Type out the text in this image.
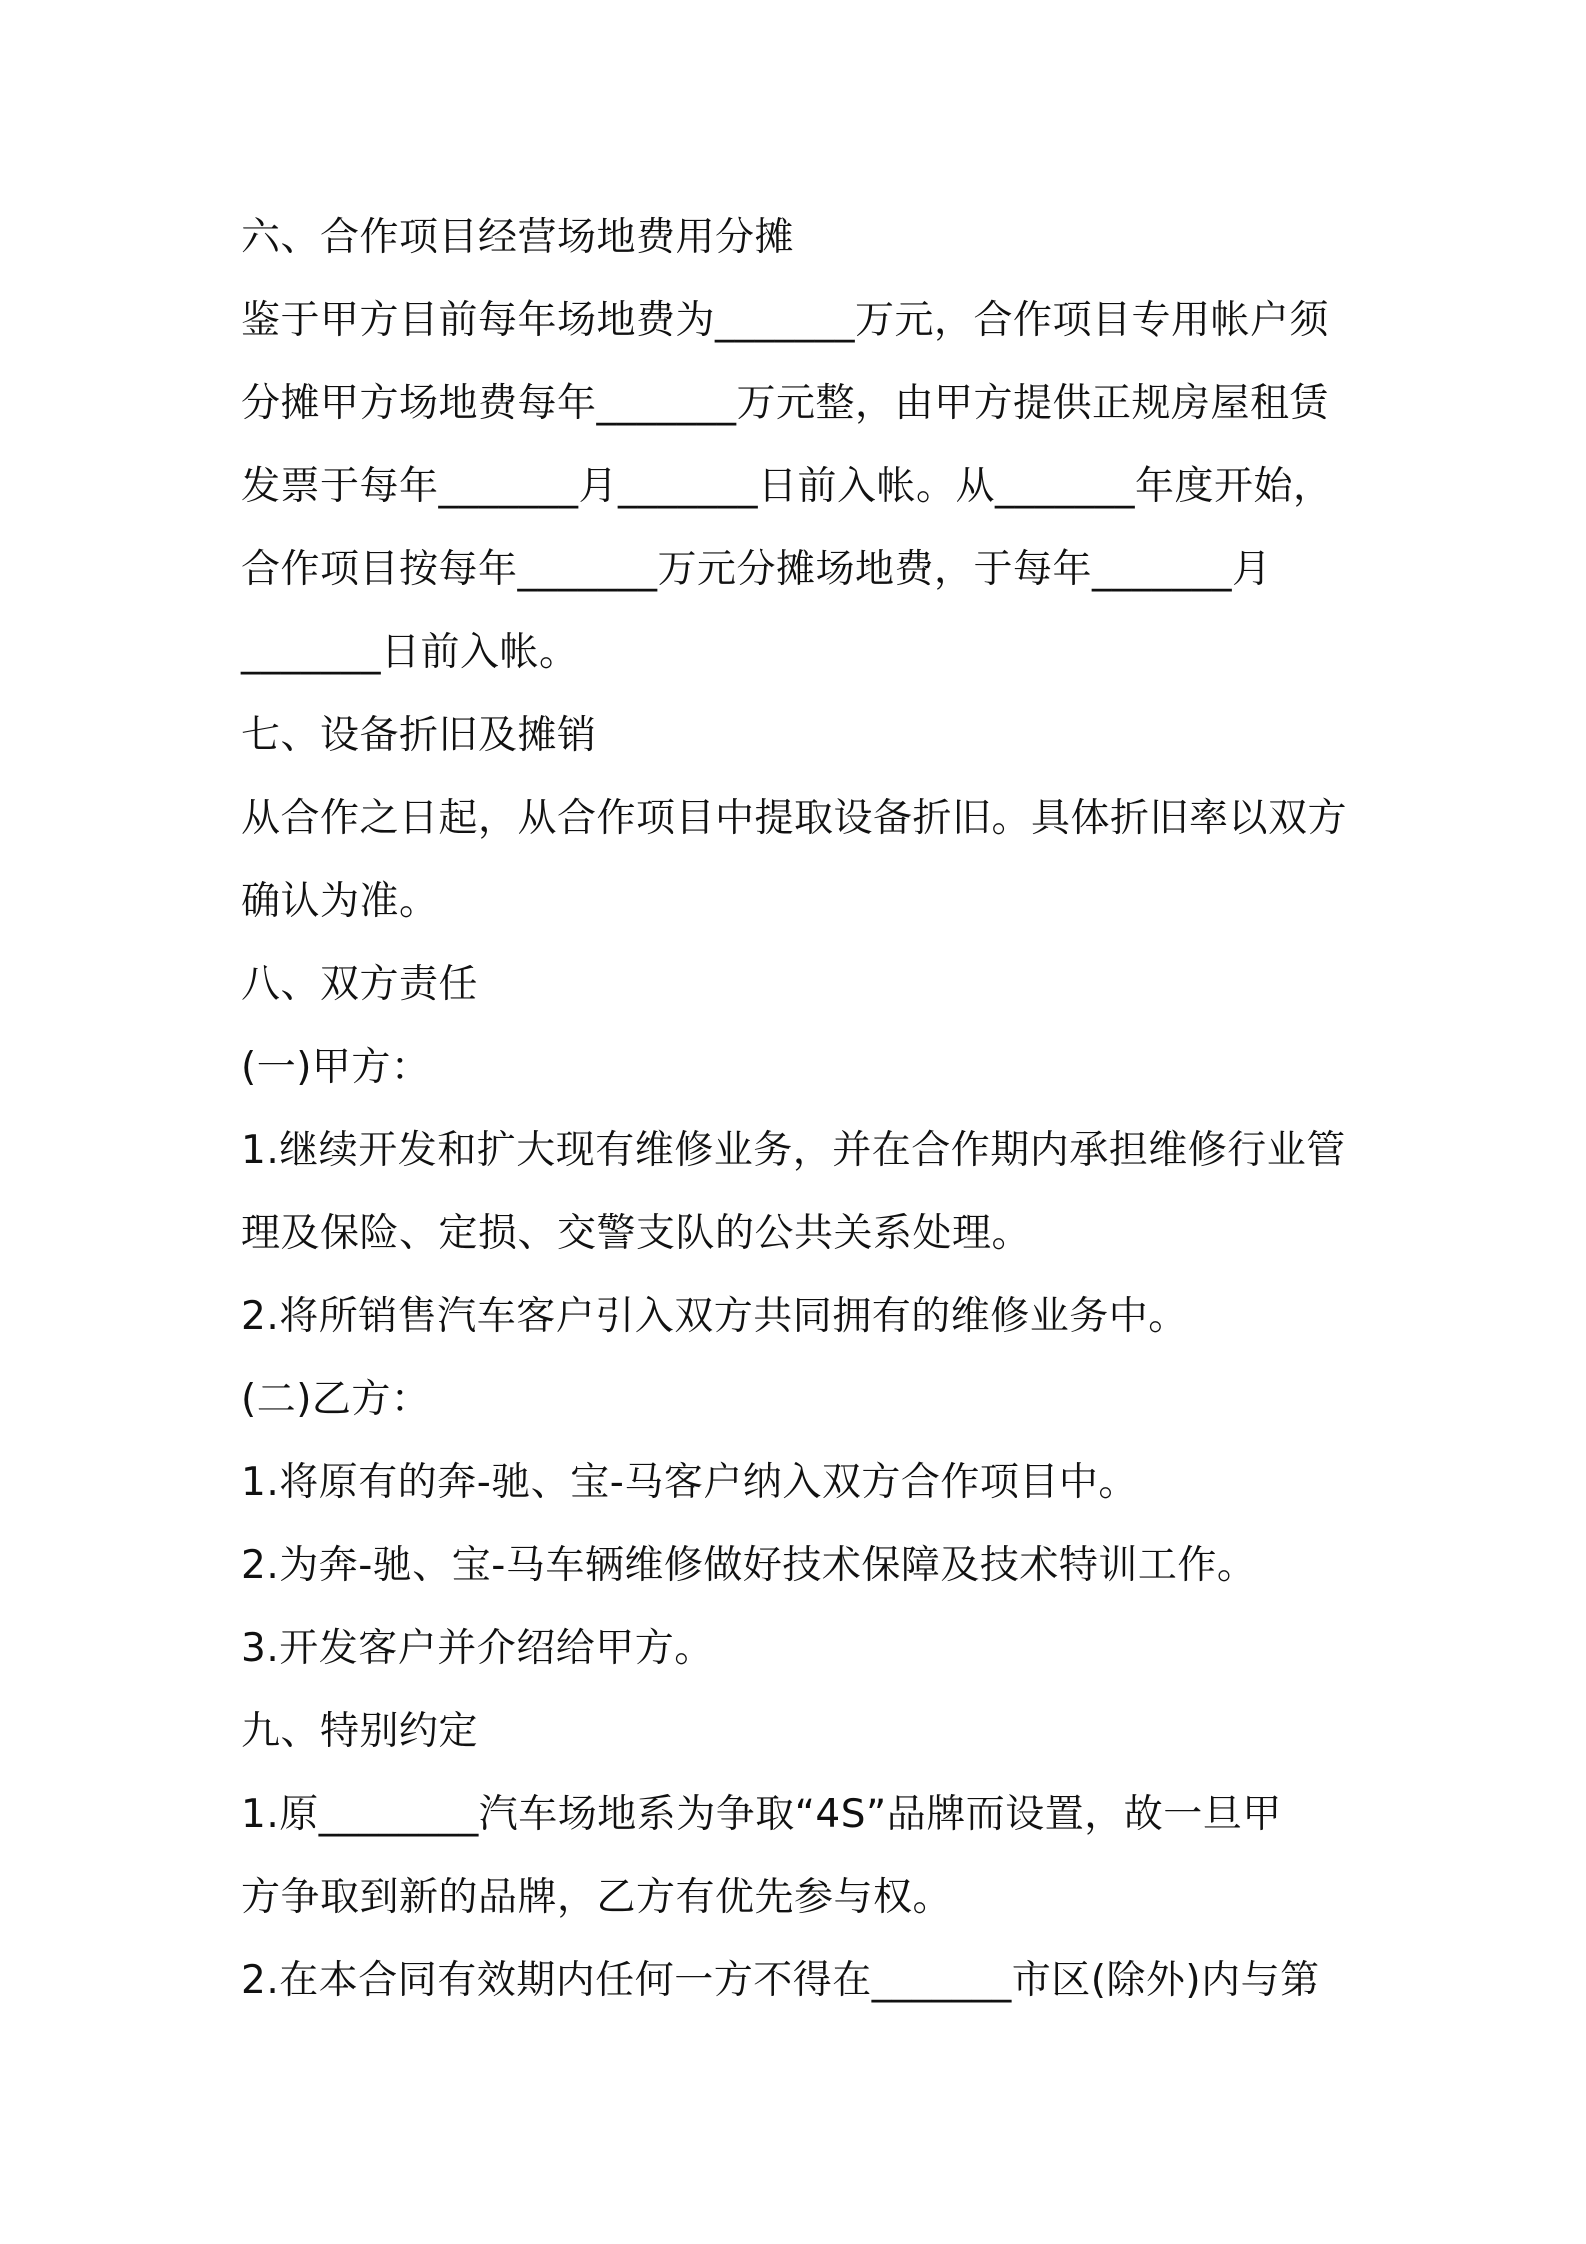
六、合作项目经营场地费用分摊
鉴于甲方目前每年场地费为_______万元，合作项目专用帐户须
分摊甲方场地费每年_______万元整，由甲方提供正规房屋租赁
发票于每年_______月_______日前入帐。从_______年度开始，
合作项目按每年_______万元分摊场地费，于每年_______月
_______日前入帐。
七、设备折旧及摊销
从合作之日起，从合作项目中提取设备折旧。具体折旧率以双方
确认为准。
八、双方责任
(一)甲方：
1.继续开发和扩大现有维修业务，并在合作期内承担维修行业管
理及保险、定损、交警支队的公共关系处理。
2.将所销售汽车客户引入双方共同拥有的维修业务中。
(二)乙方：
1.将原有的奔-驰、宝-马客户纳入双方合作项目中。
2.为奔-驰、宝-马车辆维修做好技术保障及技术特训工作。
3.开发客户并介绍给甲方。
九、特别约定
1.原________汽车场地系为争取“4S”品牌而设置，故一旦甲
方争取到新的品牌，乙方有优先参与权。
2.在本合同有效期内任何一方不得在_______市区(除外)内与第
